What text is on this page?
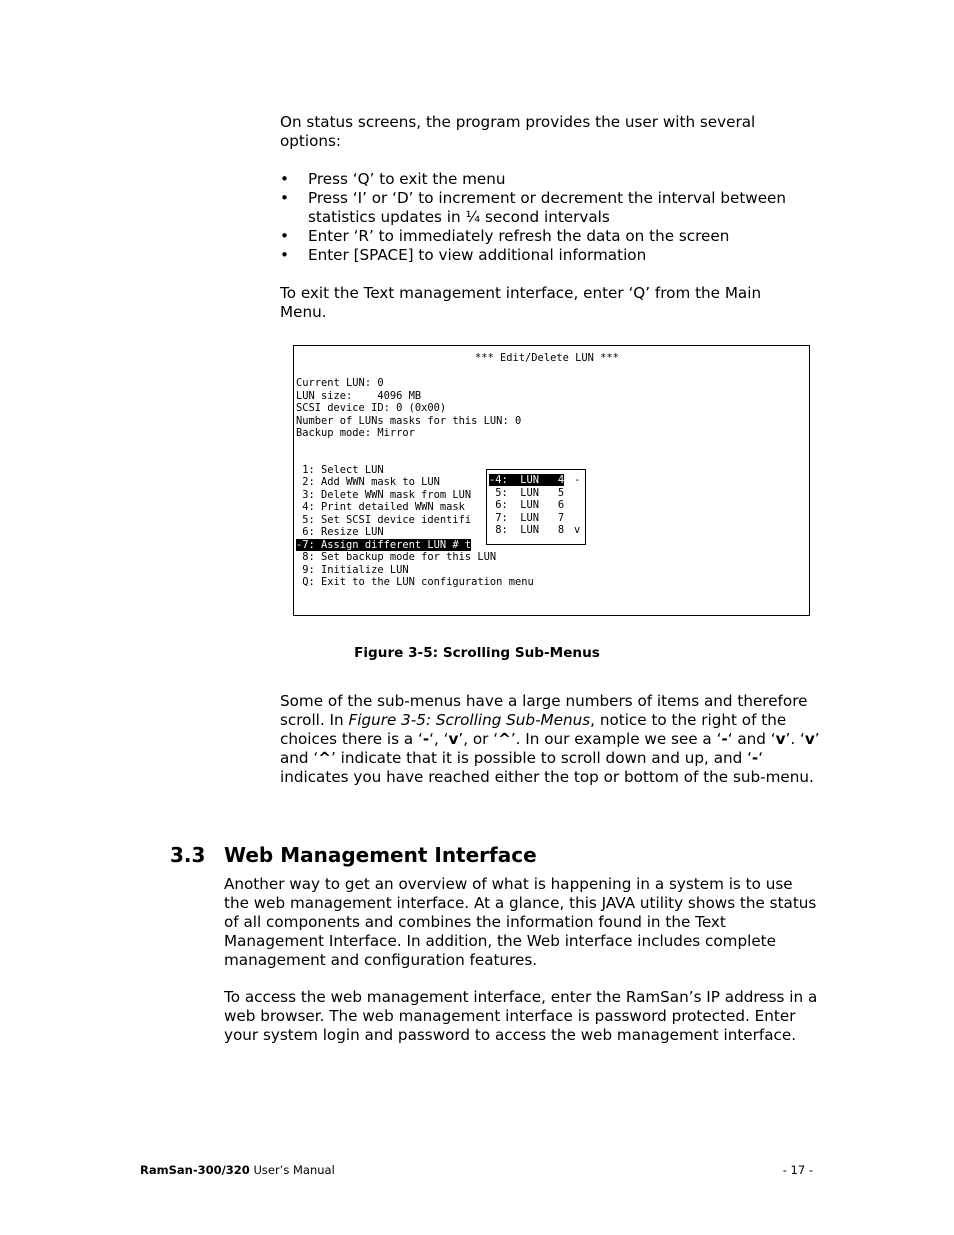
On status screens, the program provides the user with several options:

• Press ‘Q’ to exit the menu
• Press ‘I’ or ‘D’ to increment or decrement the interval between statistics updates in ¼ second intervals
• Enter ‘R’ to immediately refresh the data on the screen
• Enter [SPACE] to view additional information

To exit the Text management interface, enter ‘Q’ from the Main Menu.

*** Edit/Delete LUN ***
Current LUN: 0
LUN size:    4096 MB
SCSI device ID: 0 (0x00)
Number of LUNs masks for this LUN: 0
Backup mode: Mirror
1: Select LUN
2: Add WWN mask to LUN
3: Delete WWN mask from LUN
4: Print detailed WWN mask
5: Set SCSI device identifi
6: Resize LUN
-7: Assign different LUN # t
8: Set backup mode for this LUN
9: Initialize LUN
Q: Exit to the LUN configuration menu
-4:  LUN   4
5:  LUN   5
6:  LUN   6
7:  LUN   7
8:  LUN   8
-
v
Figure 3-5: Scrolling Sub-Menus

Some of the sub-menus have a large numbers of items and therefore scroll. In Figure 3-5: Scrolling Sub-Menus, notice to the right of the choices there is a ‘-‘, ‘v’, or ‘^’. In our example we see a ‘-‘ and ‘v’. ‘v’ and ‘^’ indicate that it is possible to scroll down and up, and ‘-‘ indicates you have reached either the top or bottom of the sub-menu.

3.3 Web Management Interface

Another way to get an overview of what is happening in a system is to use the web management interface. At a glance, this JAVA utility shows the status of all components and combines the information found in the Text Management Interface. In addition, the Web interface includes complete management and configuration features.

To access the web management interface, enter the RamSan’s IP address in a web browser. The web management interface is password protected. Enter your system login and password to access the web management interface.

RamSan-300/320 User’s Manual	- 17 -
